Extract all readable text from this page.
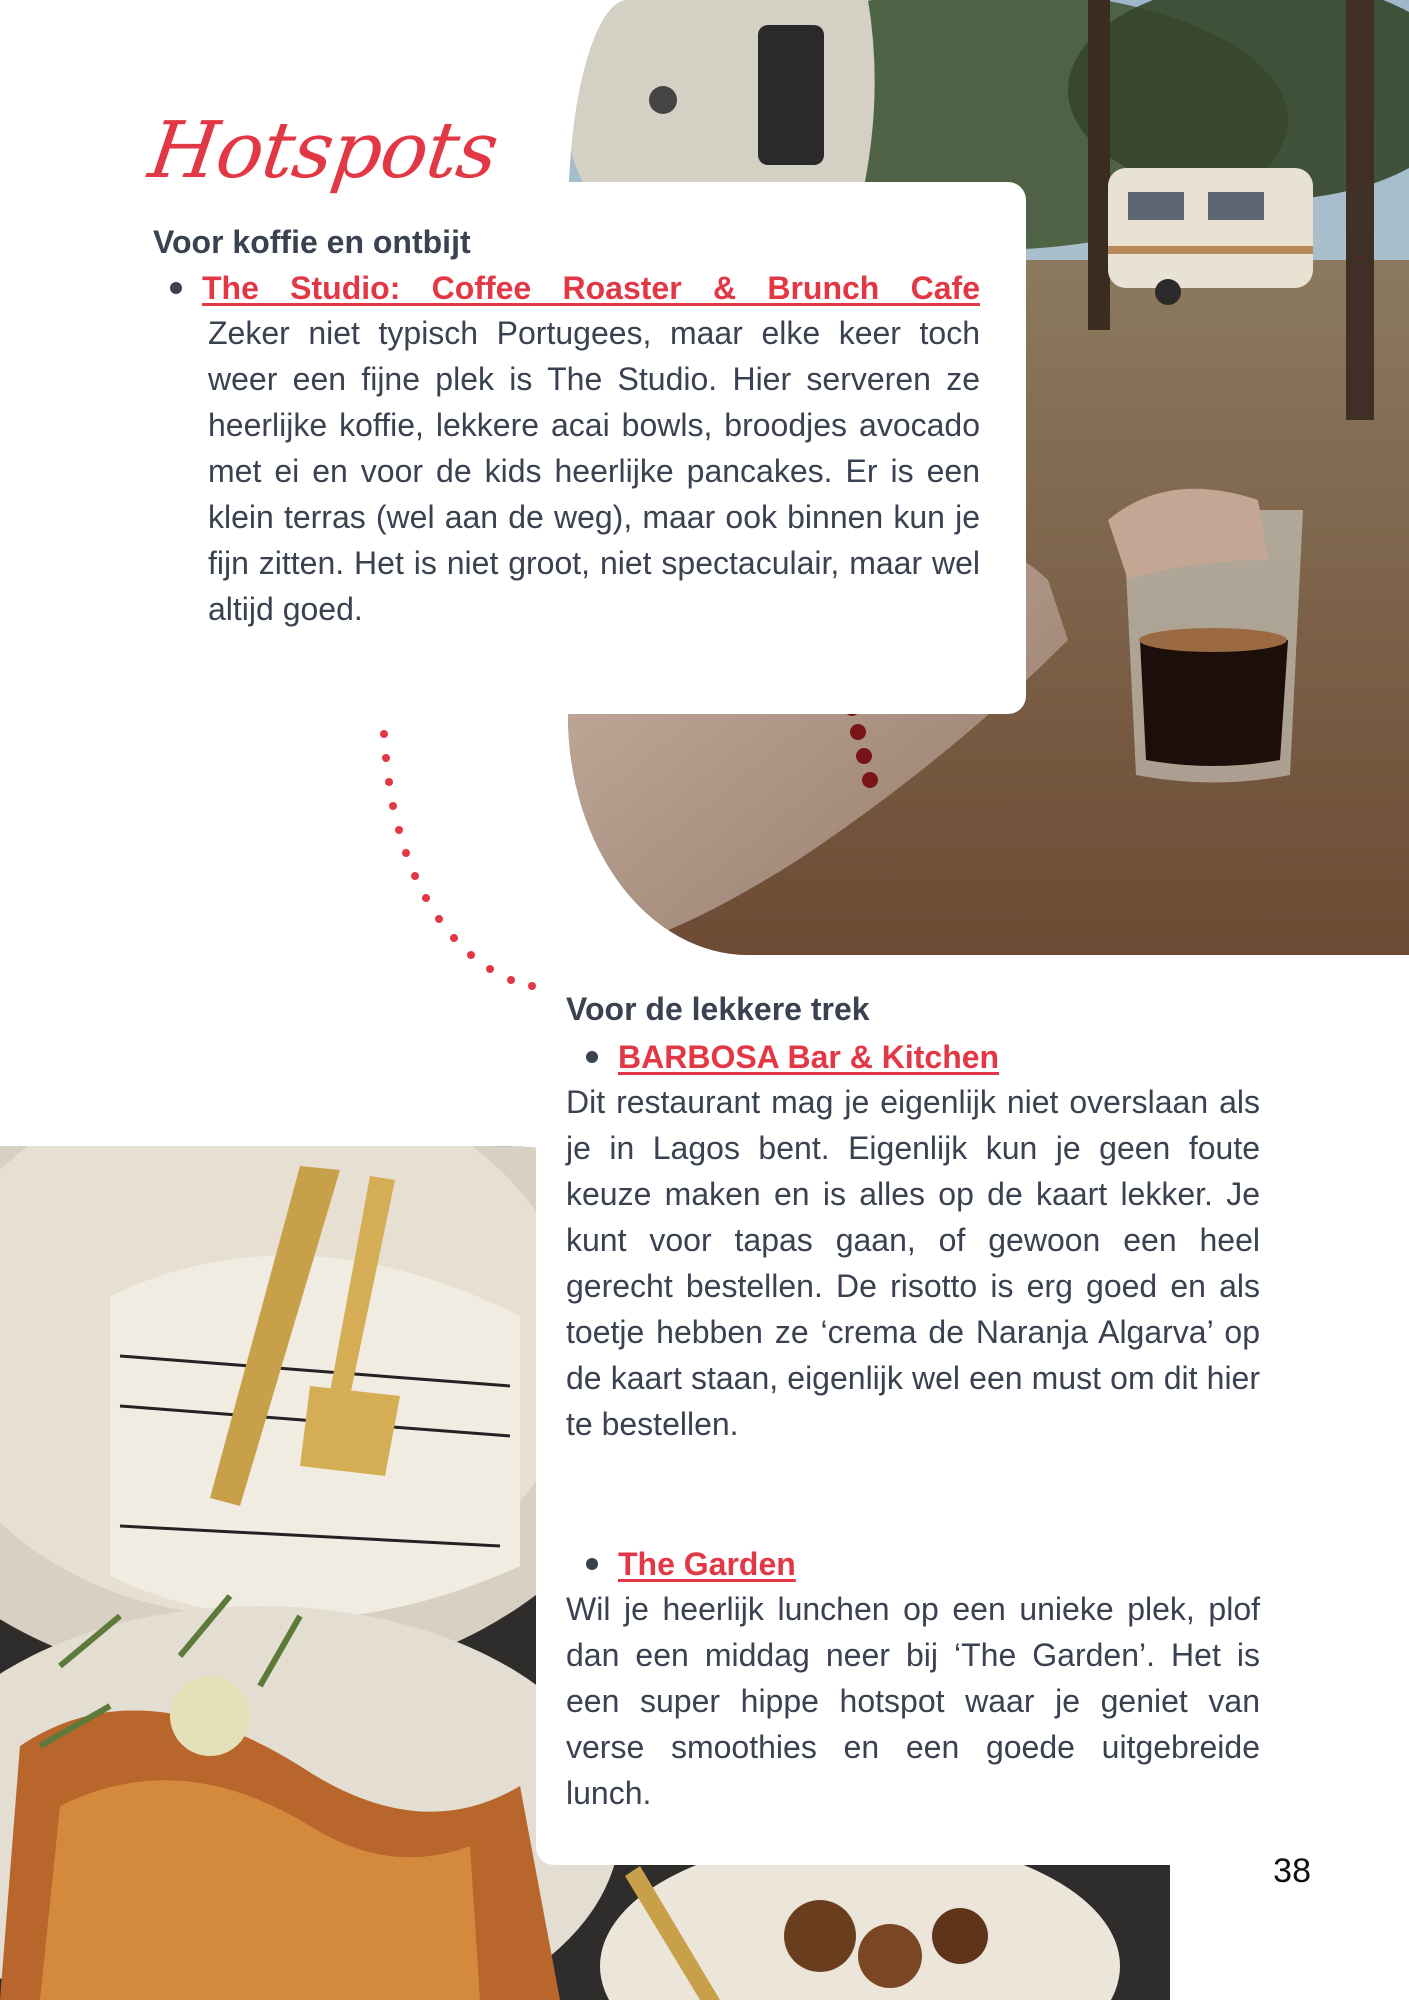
Hotspots
Voor koffie en ontbijt
The Studio: Coffee Roaster & Brunch Cafe

Zeker niet typisch Portugees, maar elke keer toch weer een fijne plek is The Studio. Hier serveren ze heerlijke koffie, lekkere acai bowls, broodjes avocado met ei en voor de kids heerlijke pancakes. Er is een klein terras (wel aan de weg), maar ook binnen kun je fijn zitten. Het is niet groot, niet spectaculair, maar wel altijd goed.

Voor de lekkere trek
BARBOSA Bar & Kitchen

Dit restaurant mag je eigenlijk niet overslaan als je in Lagos bent. Eigenlijk kun je geen foute keuze maken en is alles op de kaart lekker. Je kunt voor tapas gaan, of gewoon een heel gerecht bestellen. De risotto is erg goed en als toetje hebben ze ‘crema de Naranja Algarva’ op de kaart staan, eigenlijk wel een must om dit hier te bestellen.

The Garden

Wil je heerlijk lunchen op een unieke plek, plof dan een middag neer bij ‘The Garden’. Het is een super hippe hotspot waar je geniet van verse smoothies en een goede uitgebreide lunch.

38
